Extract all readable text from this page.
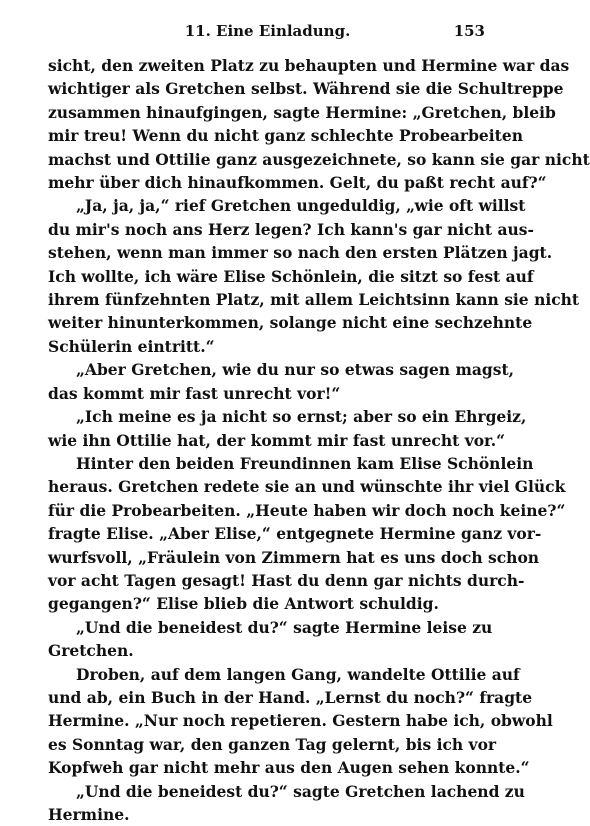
11. Eine Einladung.	153
sicht, den zweiten Platz zu behaupten und Hermine war das
wichtiger als Gretchen selbst. Während sie die Schultreppe
zusammen hinaufgingen, sagte Hermine: „Gretchen, bleib
mir treu! Wenn du nicht ganz schlechte Probearbeiten
machst und Ottilie ganz ausgezeichnete, so kann sie gar nicht
mehr über dich hinaufkommen. Gelt, du paßt recht auf?“
„Ja, ja, ja,“ rief Gretchen ungeduldig, „wie oft willst
du mir's noch ans Herz legen? Ich kann's gar nicht aus-
stehen, wenn man immer so nach den ersten Plätzen jagt.
Ich wollte, ich wäre Elise Schönlein, die sitzt so fest auf
ihrem fünfzehnten Platz, mit allem Leichtsinn kann sie nicht
weiter hinunterkommen, solange nicht eine sechzehnte
Schülerin eintritt.“
„Aber Gretchen, wie du nur so etwas sagen magst,
das kommt mir fast unrecht vor!“
„Ich meine es ja nicht so ernst; aber so ein Ehrgeiz,
wie ihn Ottilie hat, der kommt mir fast unrecht vor.“
Hinter den beiden Freundinnen kam Elise Schönlein
heraus. Gretchen redete sie an und wünschte ihr viel Glück
für die Probearbeiten. „Heute haben wir doch noch keine?“
fragte Elise. „Aber Elise,“ entgegnete Hermine ganz vor-
wurfsvoll, „Fräulein von Zimmern hat es uns doch schon
vor acht Tagen gesagt! Hast du denn gar nichts durch-
gegangen?“ Elise blieb die Antwort schuldig.
„Und die beneidest du?“ sagte Hermine leise zu
Gretchen.
Droben, auf dem langen Gang, wandelte Ottilie auf
und ab, ein Buch in der Hand. „Lernst du noch?“ fragte
Hermine. „Nur noch repetieren. Gestern habe ich, obwohl
es Sonntag war, den ganzen Tag gelernt, bis ich vor
Kopfweh gar nicht mehr aus den Augen sehen konnte.“
„Und die beneidest du?“ sagte Gretchen lachend zu
Hermine.
